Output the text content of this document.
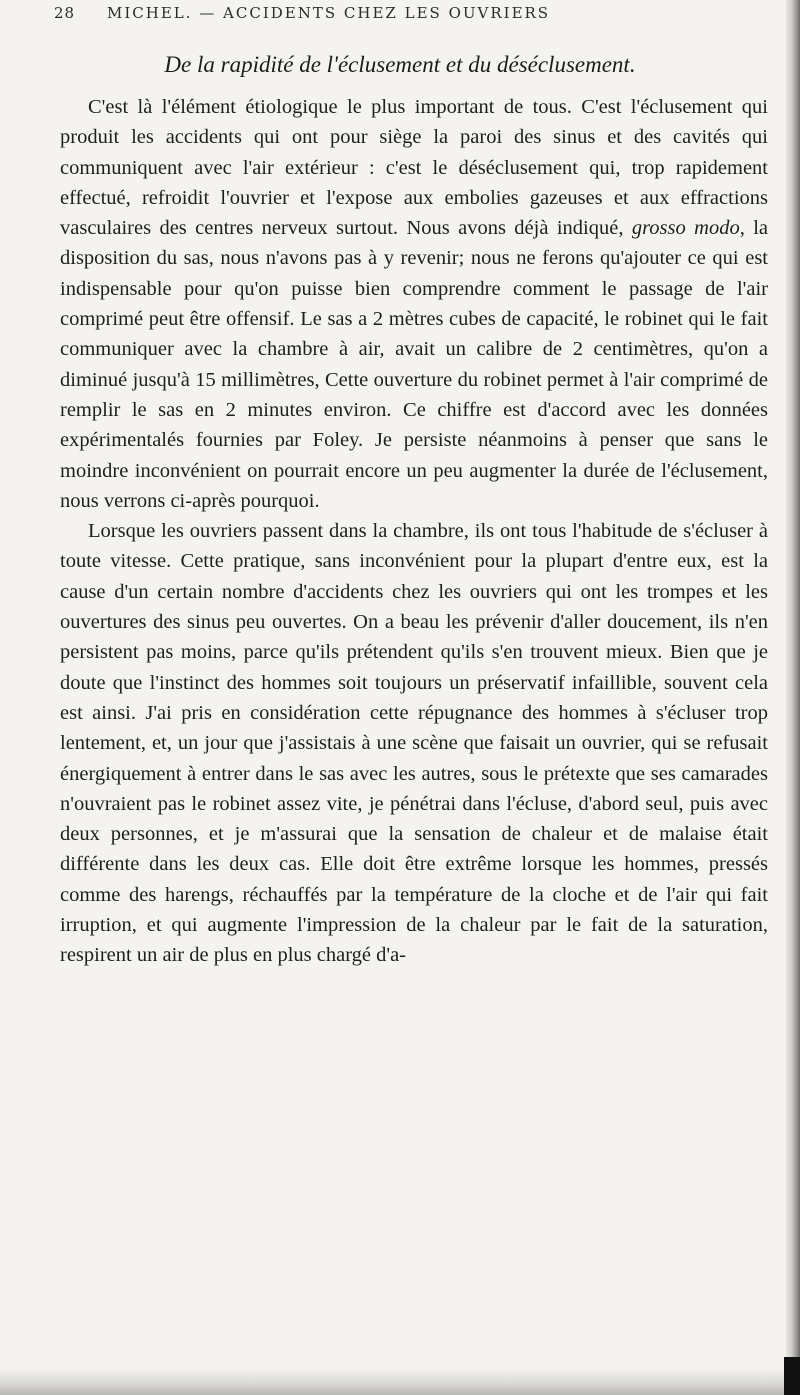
28 MICHEL. — ACCIDENTS CHEZ LES OUVRIERS
De la rapidité de l'éclusement et du déséclusement.

C'est là l'élément étiologique le plus important de tous. C'est l'éclusement qui produit les accidents qui ont pour siège la paroi des sinus et des cavités qui communiquent avec l'air extérieur : c'est le déséclusement qui, trop rapidement effectué, refroidit l'ouvrier et l'expose aux embolies gazeuses et aux effractions vasculaires des centres nerveux surtout. Nous avons déjà indiqué, grosso modo, la disposition du sas, nous n'avons pas à y revenir; nous ne ferons qu'ajouter ce qui est indispensable pour qu'on puisse bien comprendre comment le passage de l'air comprimé peut être offensif. Le sas a 2 mètres cubes de capacité, le robinet qui le fait communiquer avec la chambre à air, avait un calibre de 2 centimètres, qu'on a diminué jusqu'à 15 millimètres, Cette ouverture du robinet permet à l'air comprimé de remplir le sas en 2 minutes environ. Ce chiffre est d'accord avec les données expérimentalés fournies par Foley. Je persiste néanmoins à penser que sans le moindre inconvénient on pourrait encore un peu augmenter la durée de l'éclusement, nous verrons ci-après pourquoi.

Lorsque les ouvriers passent dans la chambre, ils ont tous l'habitude de s'écluser à toute vitesse. Cette pratique, sans inconvénient pour la plupart d'entre eux, est la cause d'un certain nombre d'accidents chez les ouvriers qui ont les trompes et les ouvertures des sinus peu ouvertes. On a beau les prévenir d'aller doucement, ils n'en persistent pas moins, parce qu'ils prétendent qu'ils s'en trouvent mieux. Bien que je doute que l'instinct des hommes soit toujours un préservatif infaillible, souvent cela est ainsi. J'ai pris en considération cette répugnance des hommes à s'écluser trop lentement, et, un jour que j'assistais à une scène que faisait un ouvrier, qui se refusait énergiquement à entrer dans le sas avec les autres, sous le prétexte que ses camarades n'ouvraient pas le robinet assez vite, je pénétrai dans l'écluse, d'abord seul, puis avec deux personnes, et je m'assurai que la sensation de chaleur et de malaise était différente dans les deux cas. Elle doit être extrême lorsque les hommes, pressés comme des harengs, réchauffés par la température de la cloche et de l'air qui fait irruption, et qui augmente l'impression de la chaleur par le fait de la saturation, respirent un air de plus en plus chargé d'a-
